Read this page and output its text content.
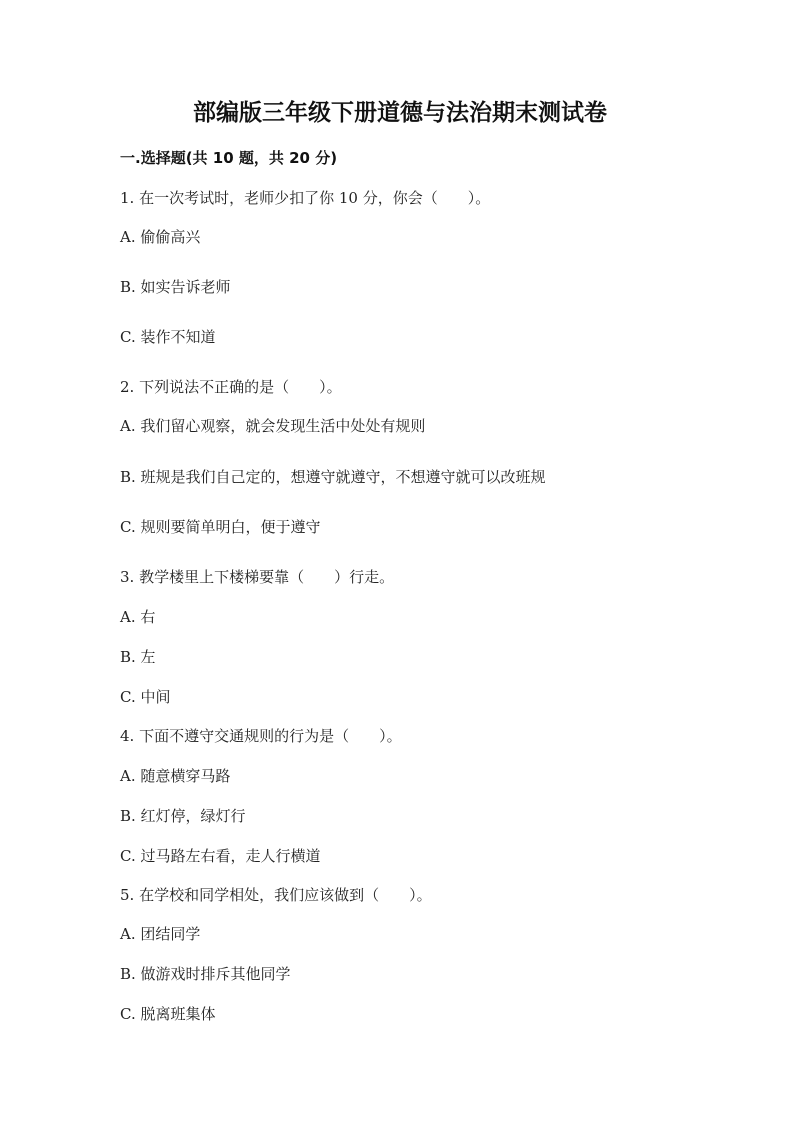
部编版三年级下册道德与法治期末测试卷
一.选择题(共 10 题，共 20 分)
1. 在一次考试时，老师少扣了你 10 分，你会（　　）。
A. 偷偷高兴
B. 如实告诉老师
C. 装作不知道
2. 下列说法不正确的是（　　）。
A. 我们留心观察，就会发现生活中处处有规则
B. 班规是我们自己定的，想遵守就遵守，不想遵守就可以改班规
C. 规则要简单明白，便于遵守
3. 教学楼里上下楼梯要靠（　　）行走。
A. 右
B. 左
C. 中间
4. 下面不遵守交通规则的行为是（　　）。
A. 随意横穿马路
B. 红灯停，绿灯行
C. 过马路左右看，走人行横道
5. 在学校和同学相处，我们应该做到（　　）。
A. 团结同学
B. 做游戏时排斥其他同学
C. 脱离班集体
